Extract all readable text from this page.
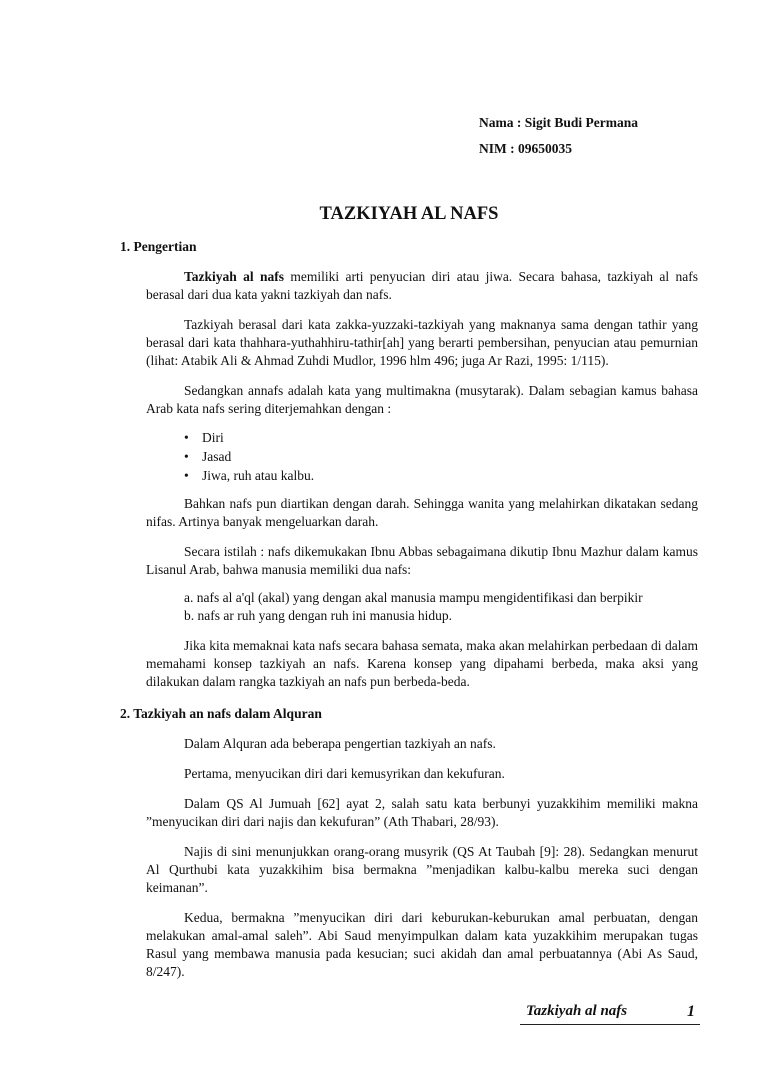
Nama : Sigit Budi Permana
NIM : 09650035
TAZKIYAH AL NAFS
1. Pengertian

Tazkiyah al nafs memiliki arti penyucian diri atau jiwa. Secara bahasa, tazkiyah al nafs berasal dari dua kata yakni tazkiyah dan nafs.

Tazkiyah berasal dari kata zakka-yuzzaki-tazkiyah yang maknanya sama dengan tathir yang berasal dari kata thahhara-yuthahhiru-tathir[ah] yang berarti pembersihan, penyucian atau pemurnian (lihat: Atabik Ali & Ahmad Zuhdi Mudlor, 1996 hlm 496; juga Ar Razi, 1995: 1/115).

Sedangkan annafs adalah kata yang multimakna (musytarak). Dalam sebagian kamus bahasa Arab kata nafs sering diterjemahkan dengan :

• Diri
• Jasad
• Jiwa, ruh atau kalbu.

Bahkan nafs pun diartikan dengan darah. Sehingga wanita yang melahirkan dikatakan sedang nifas. Artinya banyak mengeluarkan darah.

Secara istilah : nafs dikemukakan Ibnu Abbas sebagaimana dikutip Ibnu Mazhur dalam kamus Lisanul Arab, bahwa manusia memiliki dua nafs:

a. nafs al a'ql (akal) yang dengan akal manusia mampu mengidentifikasi dan berpikir
b. nafs ar ruh yang dengan ruh ini manusia hidup.

Jika kita memaknai kata nafs secara bahasa semata, maka akan melahirkan perbedaan di dalam memahami konsep tazkiyah an nafs. Karena konsep yang dipahami berbeda, maka aksi yang dilakukan dalam rangka tazkiyah an nafs pun berbeda-beda.

2. Tazkiyah an nafs dalam Alquran

Dalam Alquran ada beberapa pengertian tazkiyah an nafs.

Pertama, menyucikan diri dari kemusyrikan dan kekufuran.

Dalam QS Al Jumuah [62] ayat 2, salah satu kata berbunyi yuzakkihim memiliki makna ”menyucikan diri dari najis dan kekufuran” (Ath Thabari, 28/93).

Najis di sini menunjukkan orang-orang musyrik (QS At Taubah [9]: 28). Sedangkan menurut Al Qurthubi kata yuzakkihim bisa bermakna ”menjadikan kalbu-kalbu mereka suci dengan keimanan”.

Kedua, bermakna ”menyucikan diri dari keburukan-keburukan amal perbuatan, dengan melakukan amal-amal saleh”. Abi Saud menyimpulkan dalam kata yuzakkihim merupakan tugas Rasul yang membawa manusia pada kesucian; suci akidah dan amal perbuatannya (Abi As Saud, 8/247).

Tazkiyah al nafs	1
